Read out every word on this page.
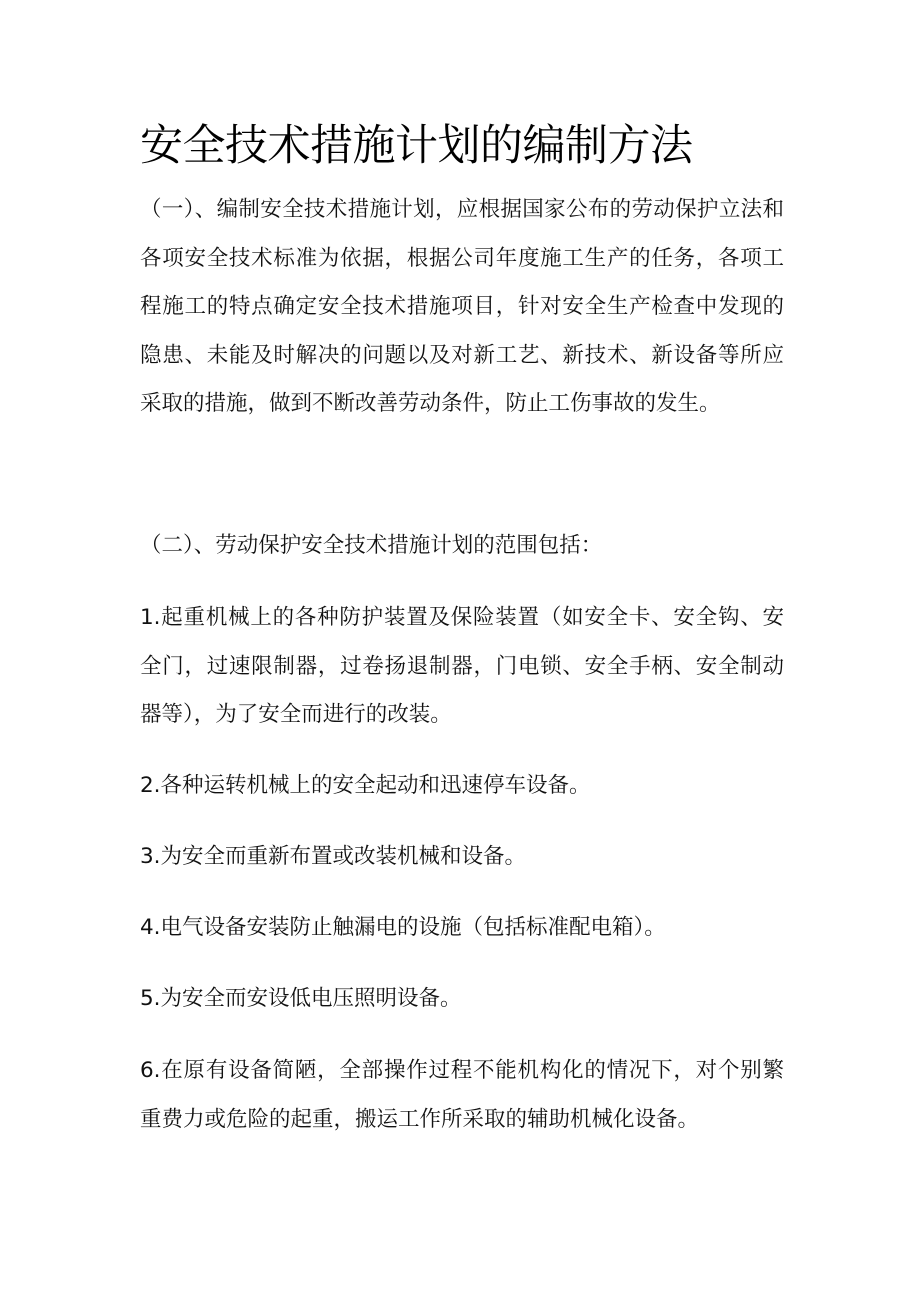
安全技术措施计划的编制方法

（一）、编制安全技术措施计划，应根据国家公布的劳动保护立法和各项安全技术标准为依据，根据公司年度施工生产的任务，各项工程施工的特点确定安全技术措施项目，针对安全生产检查中发现的隐患、未能及时解决的问题以及对新工艺、新技术、新设备等所应采取的措施，做到不断改善劳动条件，防止工伤事故的发生。

（二）、劳动保护安全技术措施计划的范围包括：

1.起重机械上的各种防护装置及保险装置（如安全卡、安全钩、安全门，过速限制器，过卷扬退制器，门电锁、安全手柄、安全制动器等），为了安全而进行的改装。

2.各种运转机械上的安全起动和迅速停车设备。

3.为安全而重新布置或改装机械和设备。

4.电气设备安装防止触漏电的设施（包括标准配电箱）。

5.为安全而安设低电压照明设备。

6.在原有设备简陋，全部操作过程不能机构化的情况下，对个别繁重费力或危险的起重，搬运工作所采取的辅助机械化设备。
